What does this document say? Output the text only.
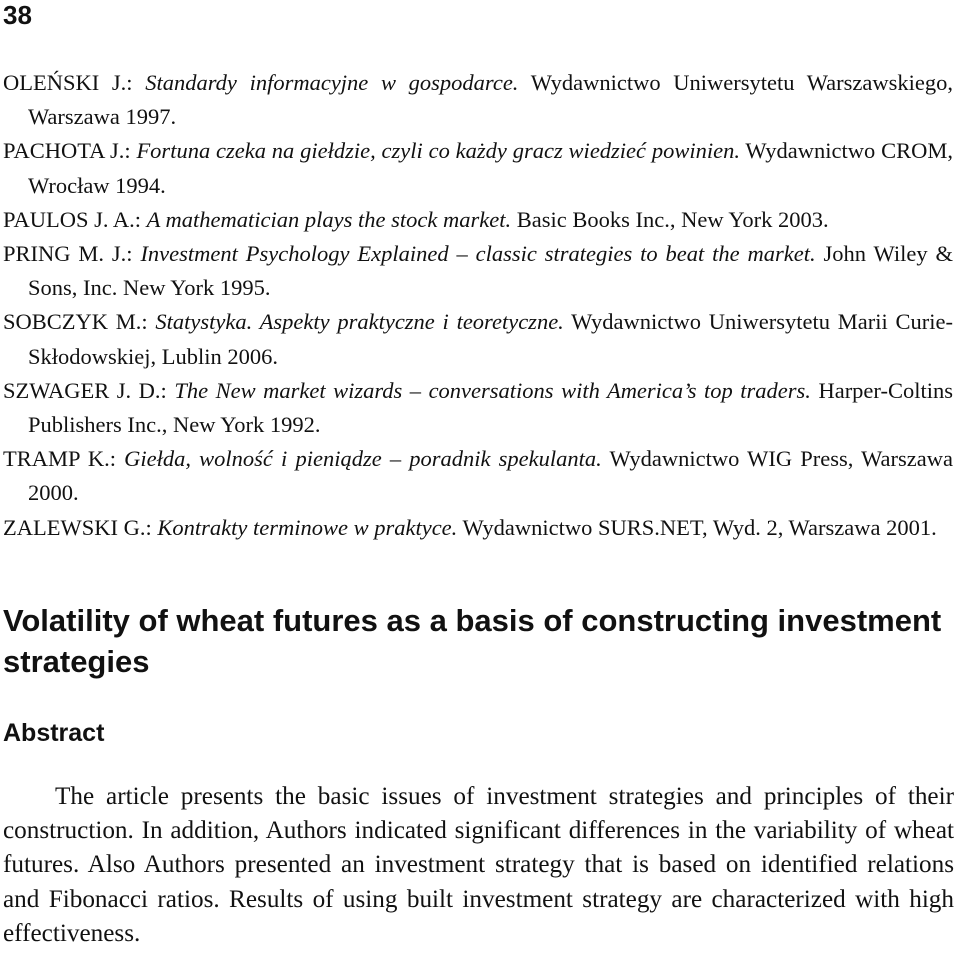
38
OLEŃSKI J.: Standardy informacyjne w gospodarce. Wydawnictwo Uniwersytetu Warszawskiego, Warszawa 1997.
PACHOTA J.: Fortuna czeka na giełdzie, czyli co każdy gracz wiedzieć powinien. Wydawnictwo CROM, Wrocław 1994.
PAULOS J. A.: A mathematician plays the stock market. Basic Books Inc., New York 2003.
PRING M. J.: Investment Psychology Explained – classic strategies to beat the market. John Wiley & Sons, Inc. New York 1995.
SOBCZYK M.: Statystyka. Aspekty praktyczne i teoretyczne. Wydawnictwo Uniwersytetu Marii Curie-Skłodowskiej, Lublin 2006.
SZWAGER J. D.: The New market wizards – conversations with America’s top traders. Harper-Coltins Publishers Inc., New York 1992.
TRAMP K.: Giełda, wolność i pieniądze – poradnik spekulanta. Wydawnictwo WIG Press, Warszawa 2000.
ZALEWSKI G.: Kontrakty terminowe w praktyce. Wydawnictwo SURS.NET, Wyd. 2, Warszawa 2001.
Volatility of wheat futures as a basis of constructing investment strategies
Abstract

The article presents the basic issues of investment strategies and principles of their construction. In addition, Authors indicated significant differences in the variability of wheat futures. Also Authors presented an investment strategy that is based on identified relations and Fibonacci ratios. Results of using built investment strategy are characterized with high effectiveness.
